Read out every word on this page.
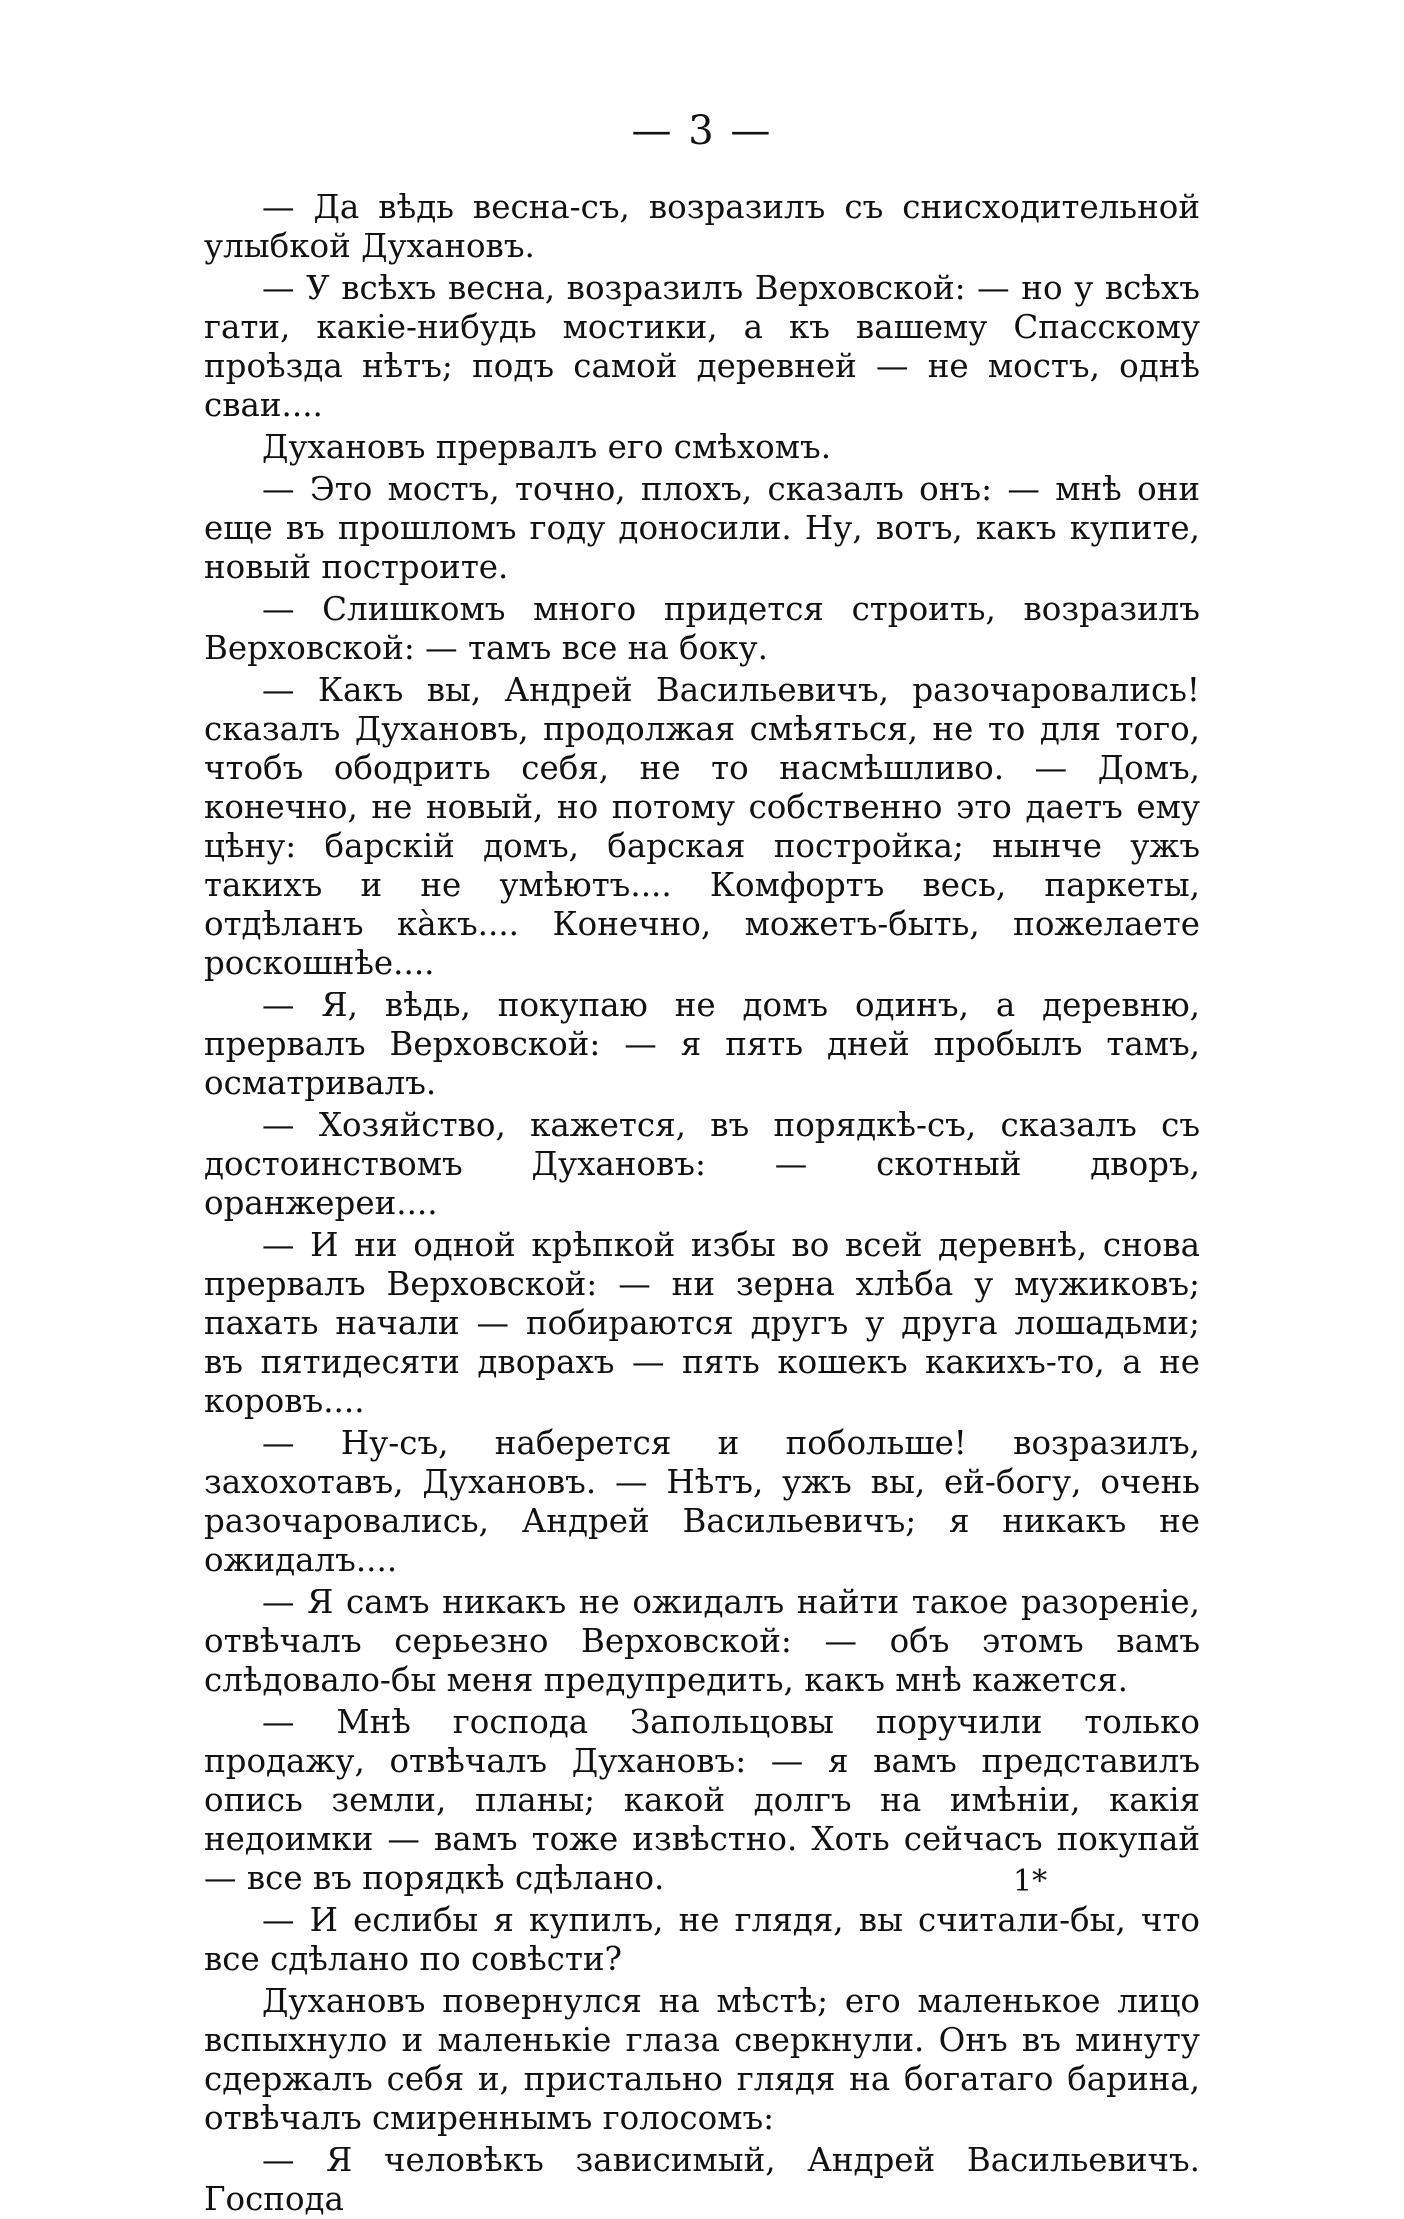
— 3 —

— Да вѣдь весна-съ, возразилъ съ снисходительной улыбкой Духановъ.

— У всѣхъ весна, возразилъ Верховской: — но у всѣхъ гати, какіе-нибудь мостики, а къ вашему Спасскому проѣзда нѣтъ; подъ самой деревней — не мостъ, однѣ сваи....

Духановъ прервалъ его смѣхомъ.

— Это мостъ, точно, плохъ, сказалъ онъ: — мнѣ они еще въ прошломъ году доносили. Ну, вотъ, какъ купите, новый построите.

— Слишкомъ много придется строить, возразилъ Верховской: — тамъ все на боку.

— Какъ вы, Андрей Васильевичъ, разочаровались! сказалъ Духановъ, продолжая смѣяться, не то для того, чтобъ ободрить себя, не то насмѣшливо. — Домъ, конечно, не новый, но потому собственно это даетъ ему цѣну: барскій домъ, барская постройка; нынче ужъ такихъ и не умѣютъ.... Комфортъ весь, паркеты, отдѣланъ кàкъ.... Конечно, можетъ-быть, пожелаете роскошнѣе....

— Я, вѣдь, покупаю не домъ одинъ, а деревню, прервалъ Верховской: — я пять дней пробылъ тамъ, осматривалъ.

— Хозяйство, кажется, въ порядкѣ-съ, сказалъ съ достоинствомъ Духановъ: — скотный дворъ, оранжереи....

— И ни одной крѣпкой избы во всей деревнѣ, снова прервалъ Верховской: — ни зерна хлѣба у мужиковъ; пахать начали — побираются другъ у друга лошадьми; въ пятидесяти дворахъ — пять кошекъ какихъ-то, а не коровъ....

— Ну-съ, наберется и побольше! возразилъ, захохотавъ, Духановъ. — Нѣтъ, ужъ вы, ей-богу, очень разочаровались, Андрей Васильевичъ; я никакъ не ожидалъ....

— Я самъ никакъ не ожидалъ найти такое разореніе, отвѣчалъ серьезно Верховской: — объ этомъ вамъ слѣдовало-бы меня предупредить, какъ мнѣ кажется.

— Мнѣ господа Запольцовы поручили только продажу, отвѣчалъ Духановъ: — я вамъ представилъ опись земли, планы; какой долгъ на имѣніи, какія недоимки — вамъ тоже извѣстно. Хоть сейчасъ покупай — все въ порядкѣ сдѣлано.

— И еслибы я купилъ, не глядя, вы считали-бы, что все сдѣлано по совѣсти?

Духановъ повернулся на мѣстѣ; его маленькое лицо вспыхнуло и маленькіе глаза сверкнули. Онъ въ минуту сдержалъ себя и, пристально глядя на богатаго барина, отвѣчалъ смиреннымъ голосомъ:

— Я человѣкъ зависимый, Андрей Васильевичъ. Господа

1*
